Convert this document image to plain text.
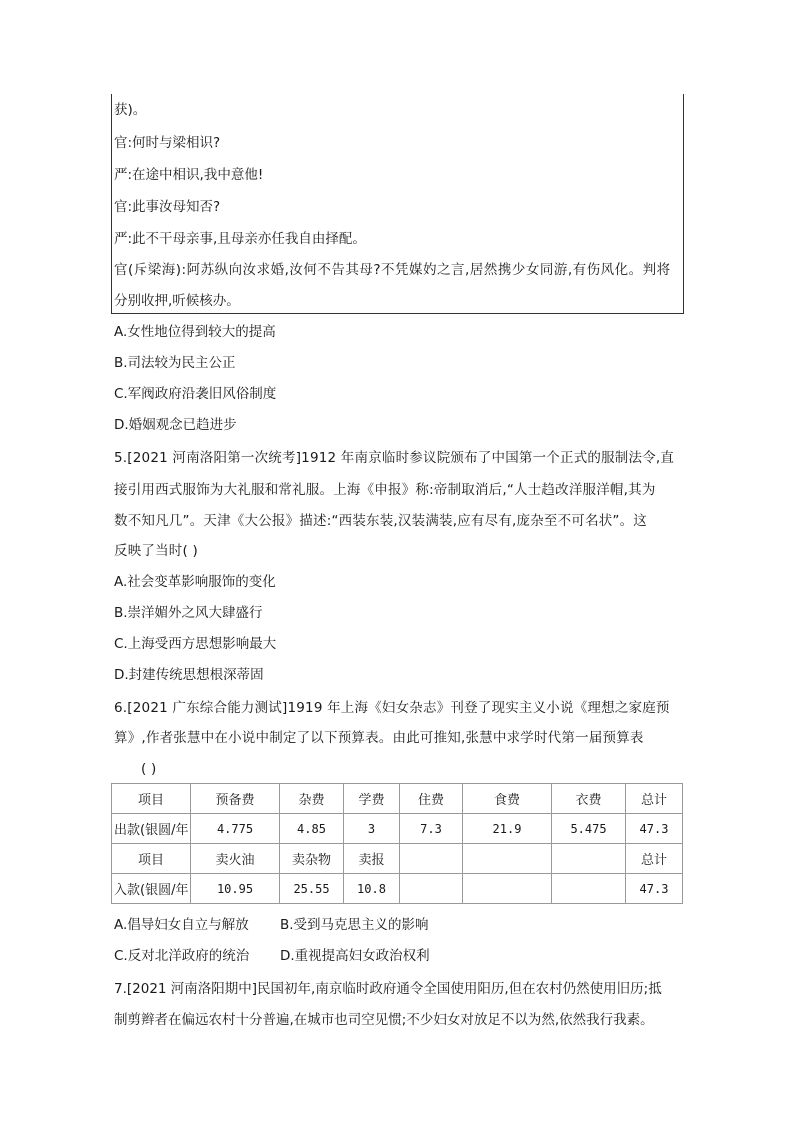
获)。
官:何时与梁相识?
严:在途中相识,我中意他!
官:此事汝母知否?
严:此不干母亲事,且母亲亦任我自由择配。
官(斥梁海):阿苏纵向汝求婚,汝何不告其母?不凭媒妁之言,居然携少女同游,有伤风化。判将
分别收押,听候核办。
A.女性地位得到较大的提高
B.司法较为民主公正
C.军阀政府沿袭旧风俗制度
D.婚姻观念已趋进步
5.[2021 河南洛阳第一次统考]1912 年南京临时参议院颁布了中国第一个正式的服制法令,直
接引用西式服饰为大礼服和常礼服。上海《申报》称:帝制取消后,“人士趋改洋服洋帽,其为
数不知凡几”。天津《大公报》描述:“西装东装,汉装满装,应有尽有,庞杂至不可名状”。这
反映了当时( )
A.社会变革影响服饰的变化
B.崇洋媚外之风大肆盛行
C.上海受西方思想影响最大
D.封建传统思想根深蒂固
6.[2021 广东综合能力测试]1919 年上海《妇女杂志》刊登了现实主义小说《理想之家庭预
算》,作者张慧中在小说中制定了以下预算表。由此可推知,张慧中求学时代第一届预算表
( )
项目	预备费	杂费	学费	住费	食费	衣费	总计
出款(银圆/年	4.775	4.85	3	7.3	21.9	5.475	47.3
项目	卖火油	卖杂物	卖报				总计
入款(银圆/年	10.95	25.55	10.8				47.3
A.倡导妇女自立与解放 B.受到马克思主义的影响
C.反对北洋政府的统治 D.重视提高妇女政治权利
7.[2021 河南洛阳期中]民国初年,南京临时政府通令全国使用阳历,但在农村仍然使用旧历;抵
制剪辫者在偏远农村十分普遍,在城市也司空见惯;不少妇女对放足不以为然,依然我行我素。
